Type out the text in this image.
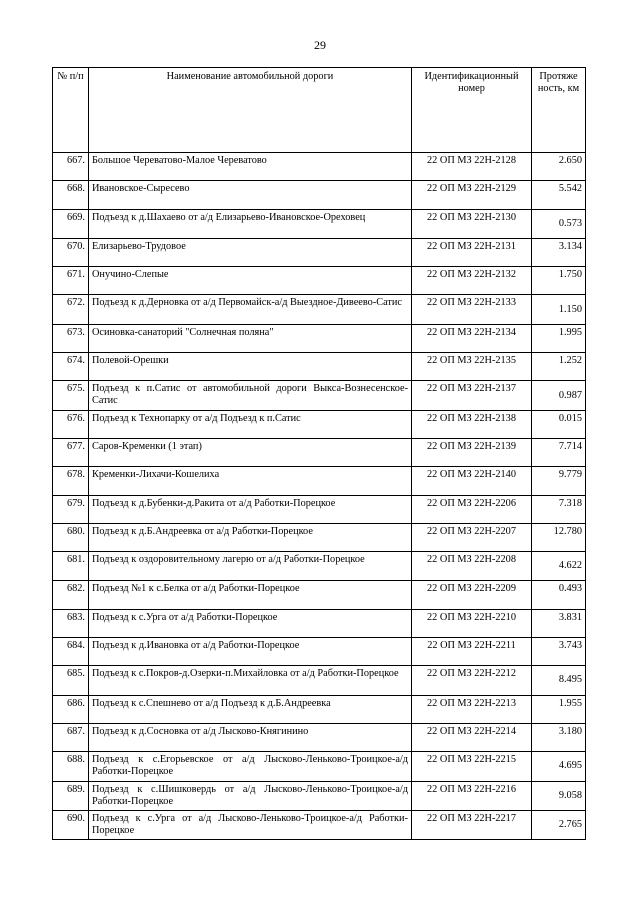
29
№ п/п	Наименование автомобильной дороги	Идентификационный номер	Протяже ность, км
667.	Большое Череватово-Малое Череватово	22 ОП МЗ 22Н-2128	2.650
668.	Ивановское-Сыресево	22 ОП МЗ 22Н-2129	5.542
669.	Подъезд к д.Шахаево от а/д Елизарьево-Ивановское-Ореховец	22 ОП МЗ 22Н-2130	0.573
670.	Елизарьево-Трудовое	22 ОП МЗ 22Н-2131	3.134
671.	Онучино-Слепые	22 ОП МЗ 22Н-2132	1.750
672.	Подъезд к д.Дерновка от а/д Первомайск-а/д Выездное-Дивеево-Сатис	22 ОП МЗ 22Н-2133	1.150
673.	Осиновка-санаторий "Солнечная поляна"	22 ОП МЗ 22Н-2134	1.995
674.	Полевой-Орешки	22 ОП МЗ 22Н-2135	1.252
675.	Подъезд к п.Сатис от автомобильной дороги Выкса-Вознесенское-Сатис	22 ОП МЗ 22Н-2137	0.987
676.	Подъезд к Технопарку от а/д Подъезд к п.Сатис	22 ОП МЗ 22Н-2138	0.015
677.	Саров-Кременки (1 этап)	22 ОП МЗ 22Н-2139	7.714
678.	Кременки-Лихачи-Кошелиха	22 ОП МЗ 22Н-2140	9.779
679.	Подъезд к д.Бубенки-д.Ракита от а/д Работки-Порецкое	22 ОП МЗ 22Н-2206	7.318
680.	Подъезд к д.Б.Андреевка от а/д Работки-Порецкое	22 ОП МЗ 22Н-2207	12.780
681.	Подъезд к оздоровительному лагерю от а/д Работки-Порецкое	22 ОП МЗ 22Н-2208	4.622
682.	Подъезд №1 к с.Белка от а/д Работки-Порецкое	22 ОП МЗ 22Н-2209	0.493
683.	Подъезд к с.Урга от а/д Работки-Порецкое	22 ОП МЗ 22Н-2210	3.831
684.	Подъезд к д.Ивановка от а/д Работки-Порецкое	22 ОП МЗ 22Н-2211	3.743
685.	Подъезд к с.Покров-д.Озерки-п.Михайловка от а/д Работки-Порецкое	22 ОП МЗ 22Н-2212	8.495
686.	Подъезд к с.Спешнево от а/д Подъезд к д.Б.Андреевка	22 ОП МЗ 22Н-2213	1.955
687.	Подъезд к д.Сосновка от а/д Лысково-Княгинино	22 ОП МЗ 22Н-2214	3.180
688.	Подъезд к с.Егорьевское от а/д Лысково-Леньково-Троицкое-а/д Работки-Порецкое	22 ОП МЗ 22Н-2215	4.695
689.	Подъезд к с.Шишковердь от а/д Лысково-Леньково-Троицкое-а/д Работки-Порецкое	22 ОП МЗ 22Н-2216	9.058
690.	Подъезд к с.Урга от а/д Лысково-Леньково-Троицкое-а/д Работки-Порецкое	22 ОП МЗ 22Н-2217	2.765
